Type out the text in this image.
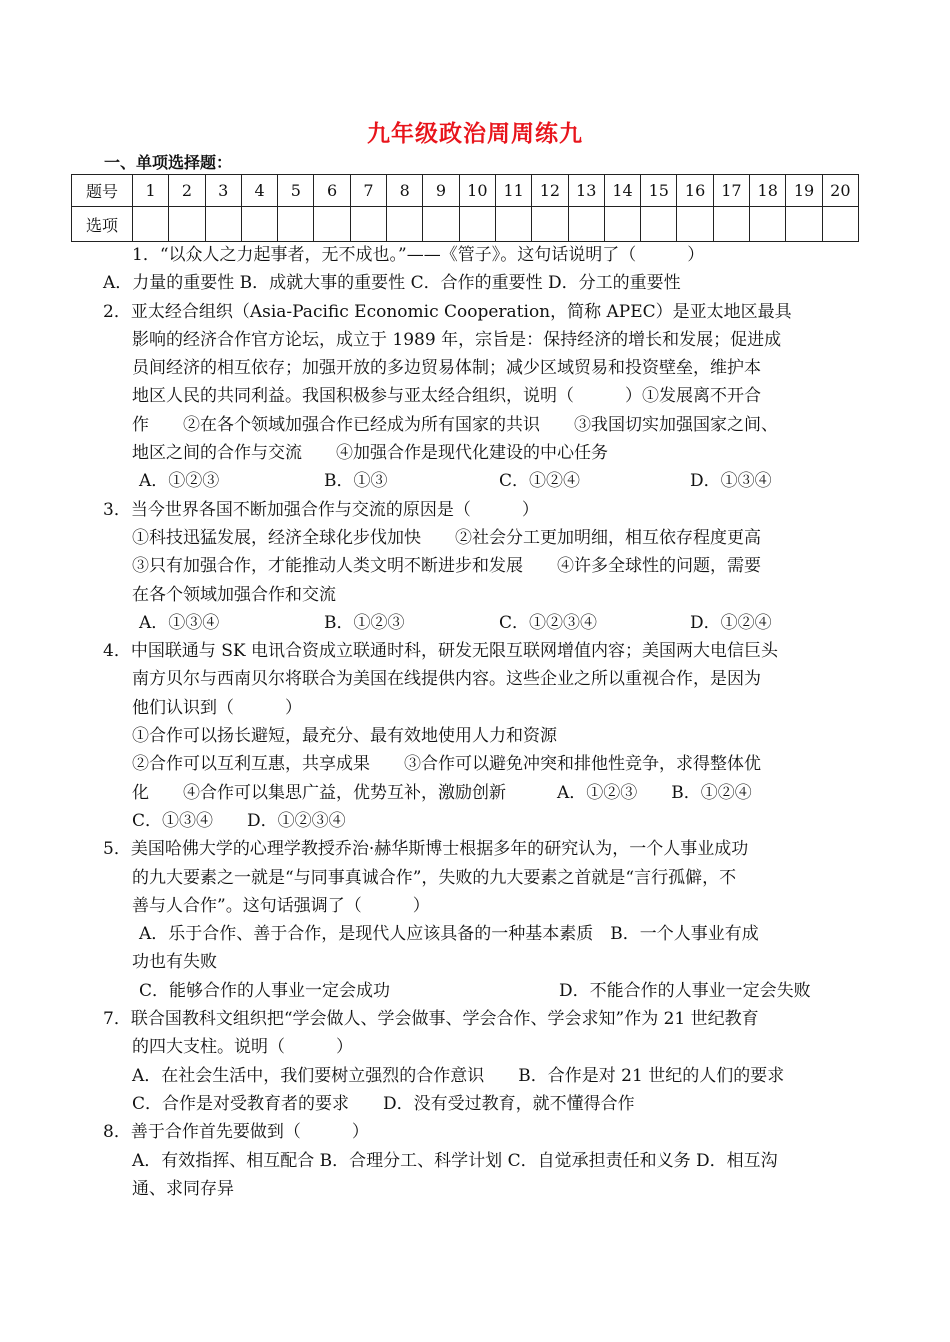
九年级政治周周练九
一、单项选择题：
题号	1	2	3	4	5	6	7	8	9	10	11	12	13	14	15	16	17	18	19	20
选项																				
1．“以众人之力起事者，无不成也。”——《管子》。这句话说明了（　　　）
A．力量的重要性 B．成就大事的重要性 C．合作的重要性 D．分工的重要性
2．亚太经合组织（Asia-Pacific Economic Cooperation，简称 APEC）是亚太地区最具
影响的经济合作官方论坛，成立于 1989 年，宗旨是：保持经济的增长和发展；促进成
员间经济的相互依存；加强开放的多边贸易体制；减少区域贸易和投资壁垒，维护本
地区人民的共同利益。我国积极参与亚太经合组织，说明（　　　）①发展离不开合
作　　②在各个领域加强合作已经成为所有国家的共识　　③我国切实加强国家之间、
地区之间的合作与交流　　④加强合作是现代化建设的中心任务
A．①②③	B．①③	C．①②④	D．①③④
3．当今世界各国不断加强合作与交流的原因是（　　　）
①科技迅猛发展，经济全球化步伐加快　　②社会分工更加明细，相互依存程度更高
③只有加强合作，才能推动人类文明不断进步和发展　　④许多全球性的问题，需要
在各个领域加强合作和交流
A．①③④	B．①②③	C．①②③④	D．①②④
4．中国联通与 SK 电讯合资成立联通时科，研发无限互联网增值内容；美国两大电信巨头
南方贝尔与西南贝尔将联合为美国在线提供内容。这些企业之所以重视合作，是因为
他们认识到（　　　）
①合作可以扬长避短，最充分、最有效地使用人力和资源
②合作可以互利互惠，共享成果　　③合作可以避免冲突和排他性竞争，求得整体优
化　　④合作可以集思广益，优势互补，激励创新　　　A．①②③　　B．①②④
C．①③④　　D．①②③④
5．美国哈佛大学的心理学教授乔治·赫华斯博士根据多年的研究认为，一个人事业成功
的九大要素之一就是“与同事真诚合作”，失败的九大要素之首就是“言行孤僻，不
善与人合作”。这句话强调了（　　　）
A．乐于合作、善于合作，是现代人应该具备的一种基本素质　B．一个人事业有成
功也有失败
C．能够合作的人事业一定会成功	D．不能合作的人事业一定会失败
7．联合国教科文组织把“学会做人、学会做事、学会合作、学会求知”作为 21 世纪教育
的四大支柱。说明（　　　）
A．在社会生活中，我们要树立强烈的合作意识　　B．合作是对 21 世纪的人们的要求
C．合作是对受教育者的要求　　D．没有受过教育，就不懂得合作
8．善于合作首先要做到（　　　）
A．有效指挥、相互配合 B．合理分工、科学计划 C．自觉承担责任和义务 D．相互沟
通、求同存异
